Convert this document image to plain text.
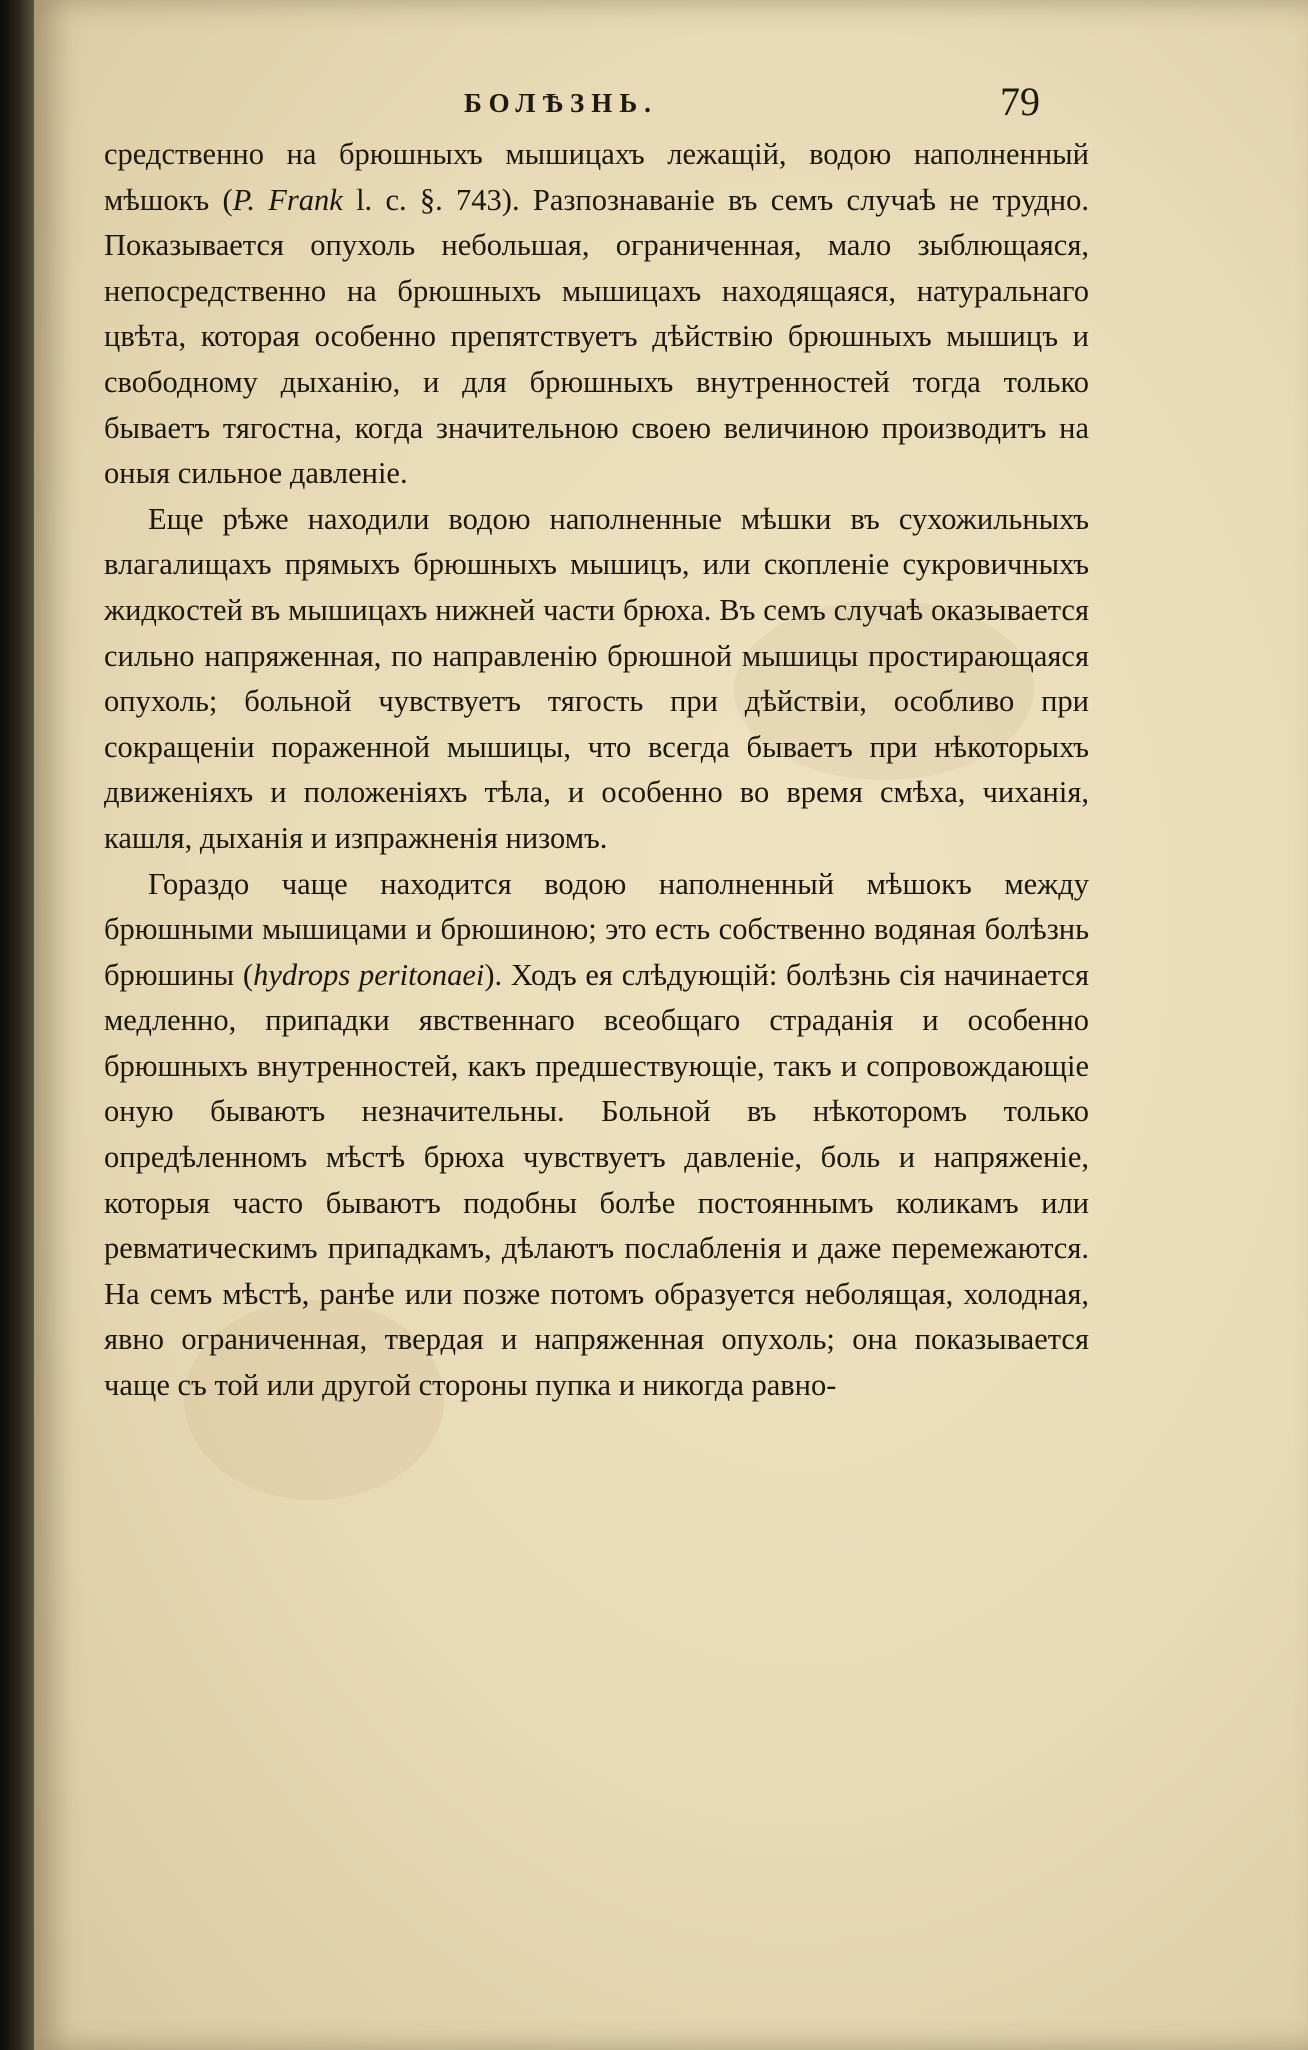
БОЛѢЗНЬ.	79

средственно на брюшныхъ мышицахъ лежащій, водою наполненный мѣшокъ (P. Frank l. c. §. 743). Разпознаваніе въ семъ случаѣ не трудно. Показывается опухоль небольшая, ограниченная, мало зыблющаяся, непосредственно на брюшныхъ мышицахъ находящаяся, натуральнаго цвѣта, которая особенно препятствуетъ дѣйствію брюшныхъ мышицъ и свободному дыханію, и для брюшныхъ внутренностей тогда только бываетъ тягостна, когда значительною своею величиною производитъ на оныя сильное давленіе.

Еще рѣже находили водою наполненные мѣшки въ сухожильныхъ влагалищахъ прямыхъ брюшныхъ мышицъ, или скопленіе сукровичныхъ жидкостей въ мышицахъ нижней части брюха. Въ семъ случаѣ оказывается сильно напряженная, по направленію брюшной мышицы простирающаяся опухоль; больной чувствуетъ тягость при дѣйствіи, особливо при сокращеніи пораженной мышицы, что всегда бываетъ при нѣкоторыхъ движеніяхъ и положеніяхъ тѣла, и особенно во время смѣха, чиханія, кашля, дыханія и изпражненія низомъ.

Гораздо чаще находится водою наполненный мѣшокъ между брюшными мышицами и брюшиною; это есть собственно водяная болѣзнь брюшины (hydrops peritonaei). Ходъ ея слѣдующій: болѣзнь сія начинается медленно, припадки явственнаго всеобщаго страданія и особенно брюшныхъ внутренностей, какъ предшествующіе, такъ и сопровождающіе оную бываютъ незначительны. Больной въ нѣкоторомъ только опредѣленномъ мѣстѣ брюха чувствуетъ давленіе, боль и напряженіе, которыя часто бываютъ подобны болѣе постояннымъ коликамъ или ревматическимъ припадкамъ, дѣлаютъ послабленія и даже перемежаются. На семъ мѣстѣ, ранѣе или позже потомъ образуется неболящая, холодная, явно ограниченная, твердая и напряженная опухоль; она показывается чаще съ той или другой стороны пупка и никогда равно-
